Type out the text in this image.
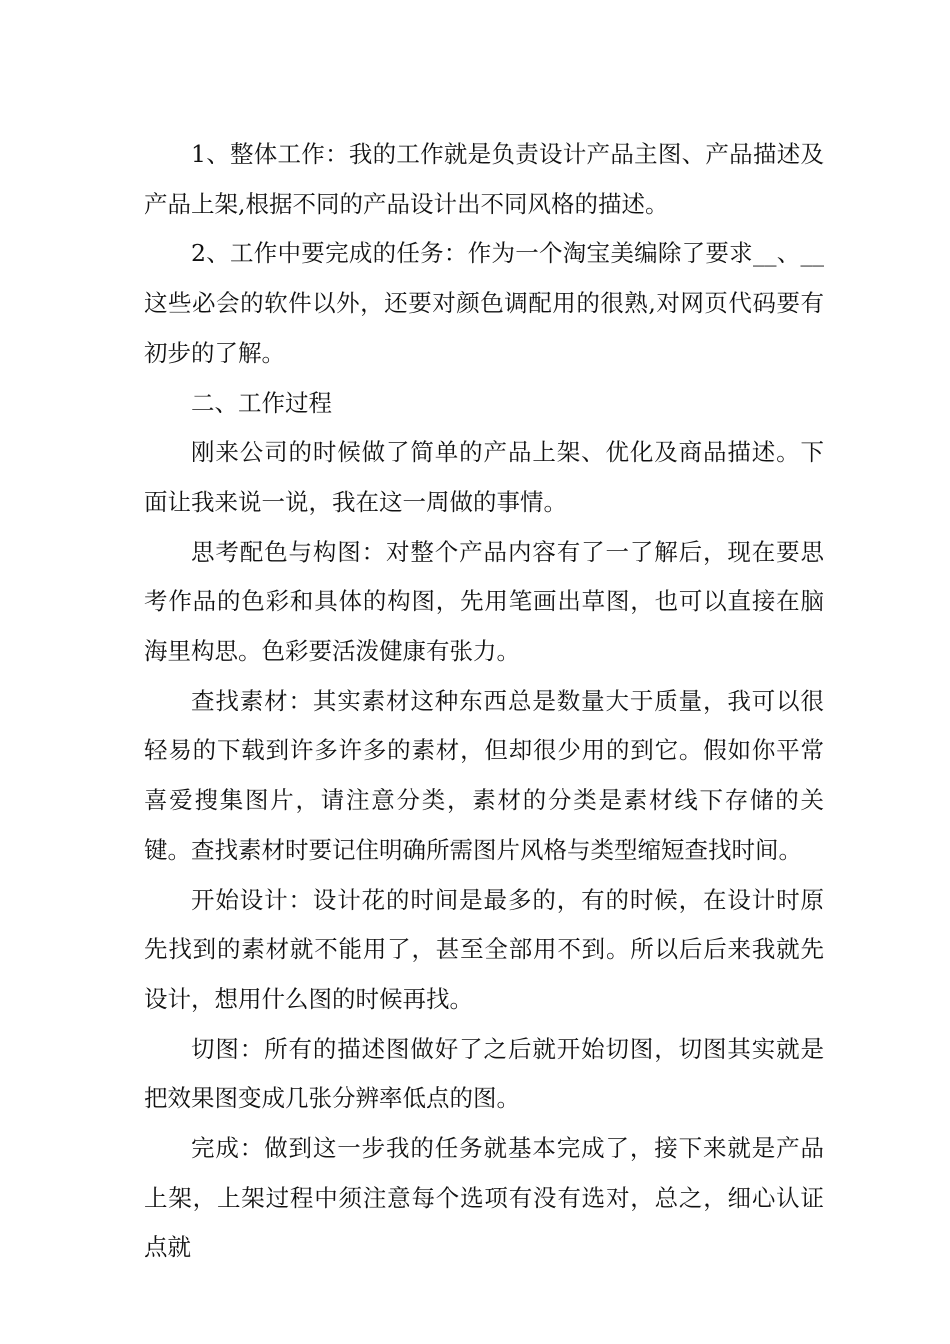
1、整体工作：我的工作就是负责设计产品主图、产品描述及产品上架,根据不同的产品设计出不同风格的描述。

2、工作中要完成的任务：作为一个淘宝美编除了要求__、__这些必会的软件以外，还要对颜色调配用的很熟,对网页代码要有初步的了解。

二、工作过程

刚来公司的时候做了简单的产品上架、优化及商品描述。下面让我来说一说，我在这一周做的事情。

思考配色与构图：对整个产品内容有了一了解后，现在要思考作品的色彩和具体的构图，先用笔画出草图，也可以直接在脑海里构思。色彩要活泼健康有张力。

查找素材：其实素材这种东西总是数量大于质量，我可以很轻易的下载到许多许多的素材，但却很少用的到它。假如你平常喜爱搜集图片，请注意分类，素材的分类是素材线下存储的关键。查找素材时要记住明确所需图片风格与类型缩短查找时间。

开始设计：设计花的时间是最多的，有的时候，在设计时原先找到的素材就不能用了，甚至全部用不到。所以后后来我就先设计，想用什么图的时候再找。

切图：所有的描述图做好了之后就开始切图，切图其实就是把效果图变成几张分辨率低点的图。

完成：做到这一步我的任务就基本完成了，接下来就是产品上架，上架过程中须注意每个选项有没有选对，总之，细心认证点就
